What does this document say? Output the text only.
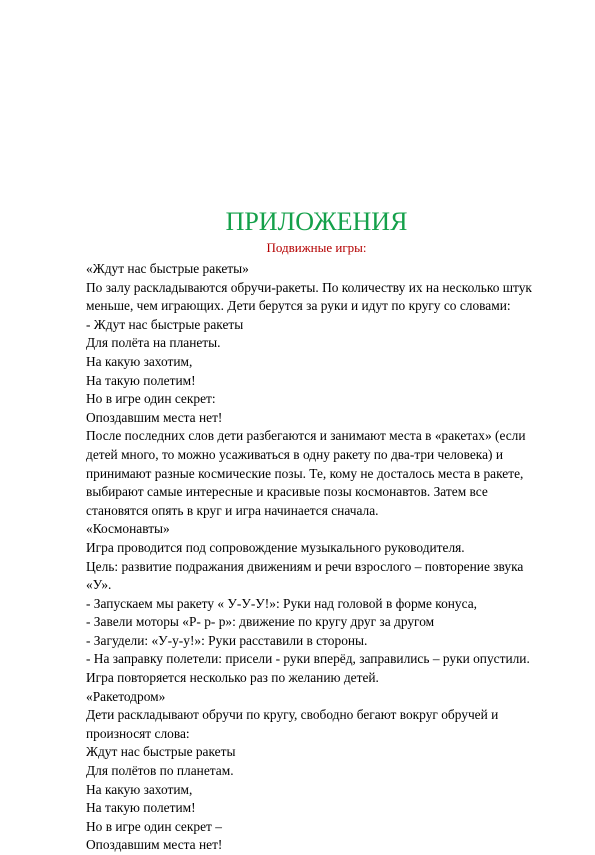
ПРИЛОЖЕНИЯ
Подвижные игры:
«Ждут нас быстрые ракеты»
По залу раскладываются обручи-ракеты. По количеству их на несколько штук
меньше, чем играющих. Дети берутся за руки и идут по кругу со словами:
- Ждут нас быстрые ракеты
Для полёта на планеты.
На какую захотим,
На такую полетим!
Но в игре один секрет:
Опоздавшим места нет!
После последних слов дети разбегаются и занимают места в «ракетах» (если
детей много, то можно усаживаться в одну ракету по два-три человека) и
принимают разные космические позы. Те, кому не досталось места в ракете,
выбирают самые интересные и красивые позы космонавтов. Затем все
становятся опять в круг и игра начинается сначала.
«Космонавты»
Игра проводится под сопровождение музыкального руководителя.
Цель: развитие подражания движениям и речи взрослого – повторение звука
«У».
- Запускаем мы ракету « У-У-У!»: Руки над головой в форме конуса,
- Завели моторы «Р- р- р»: движение по кругу друг за другом
- Загудели: «У-у-у!»: Руки расставили в стороны.
- На заправку полетели: присели - руки вперёд, заправились – руки опустили.
Игра повторяется несколько раз по желанию детей.
«Ракетодром»
Дети раскладывают обручи по кругу, свободно бегают вокруг обручей и
произносят слова:
Ждут нас быстрые ракеты
Для полётов по планетам.
На какую захотим,
На такую полетим!
Но в игре один секрет –
Опоздавшим места нет!
